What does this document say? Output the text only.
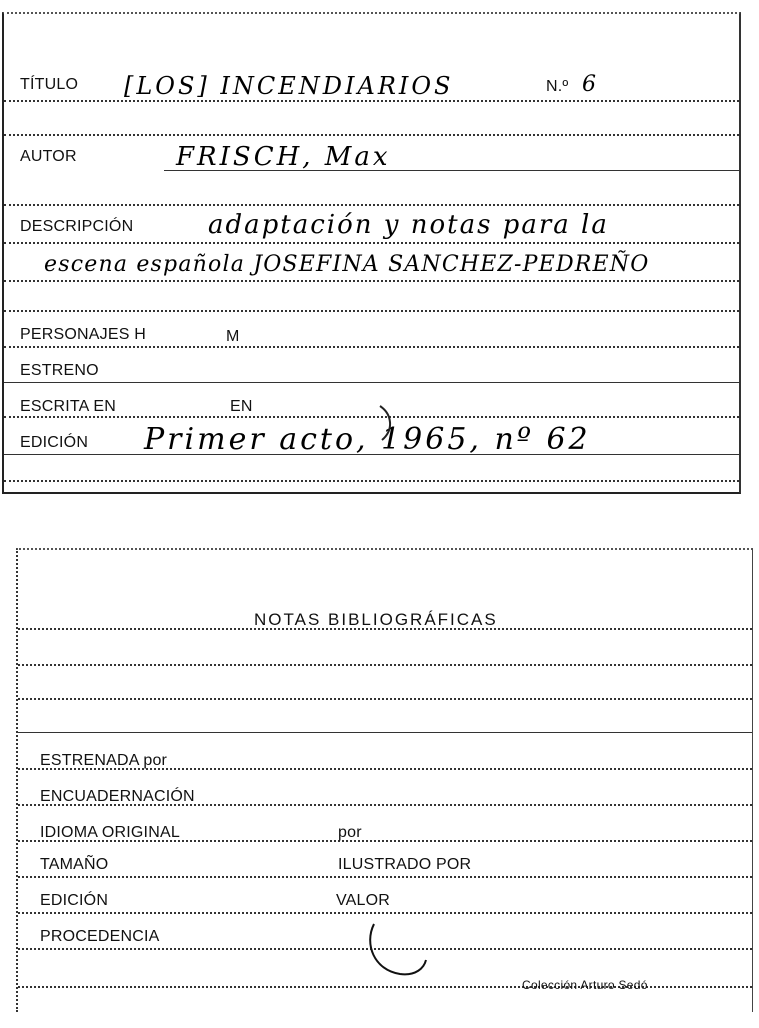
TÍTULO [LOS] INCENDIARIOS	N.º 6
AUTOR	FRISCH, Max
DESCRIPCIÓN	adaptación y notas para la
escena española JOSEFINA SANCHEZ-PEDREÑO
PERSONAJES H	M
ESTRENO
ESCRITA EN	EN
EDICIÓN Primer acto, 1965, nº 62
NOTAS BIBLIOGRÁFICAS
ESTRENADA por
ENCUADERNACIÓN
IDIOMA ORIGINAL	por
TAMAÑO	ILUSTRADO POR
EDICIÓN	VALOR
PROCEDENCIA
Colección Arturo Sedó
